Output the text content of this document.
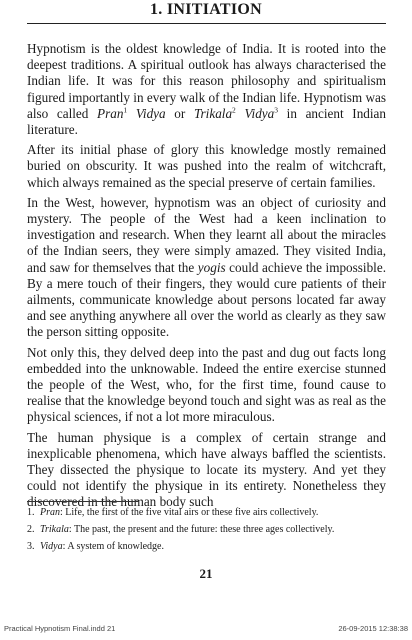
1. INITIATION

Hypnotism is the oldest knowledge of India. It is rooted into the deepest traditions. A spiritual outlook has always characterised the Indian life. It was for this reason philosophy and spiritualism figured importantly in every walk of the Indian life. Hypnotism was also called Pran$^1$ Vidya or Trikala$^2$ Vidya$^3$ in ancient Indian literature.

After its initial phase of glory this knowledge mostly remained buried on obscurity. It was pushed into the realm of witchcraft, which always remained as the special preserve of certain families.

In the West, however, hypnotism was an object of curiosity and mystery. The people of the West had a keen inclination to investigation and research. When they learnt all about the miracles of the Indian seers, they were simply amazed. They visited India, and saw for themselves that the yogis could achieve the impossible. By a mere touch of their fingers, they would cure patients of their ailments, communicate knowledge about persons located far away and see anything anywhere all over the world as clearly as they saw the person sitting opposite.

Not only this, they delved deep into the past and dug out facts long embedded into the unknowable. Indeed the entire exercise stunned the people of the West, who, for the first time, found cause to realise that the knowledge beyond touch and sight was as real as the physical sciences, if not a lot more miraculous.

The human physique is a complex of certain strange and inexplicable phenomena, which have always baffled the scientists. They dissected the physique to locate its mystery. And yet they could not identify the physique in its entirety. Nonetheless they discovered in the human body such

1. Pran: Life, the first of the five vital airs or these five airs collectively.
2. Trikala: The past, the present and the future: these three ages collectively.
3. Vidya: A system of knowledge.
21
Practical Hypnotism Final.indd 21	26-09-2015 12:38:38
